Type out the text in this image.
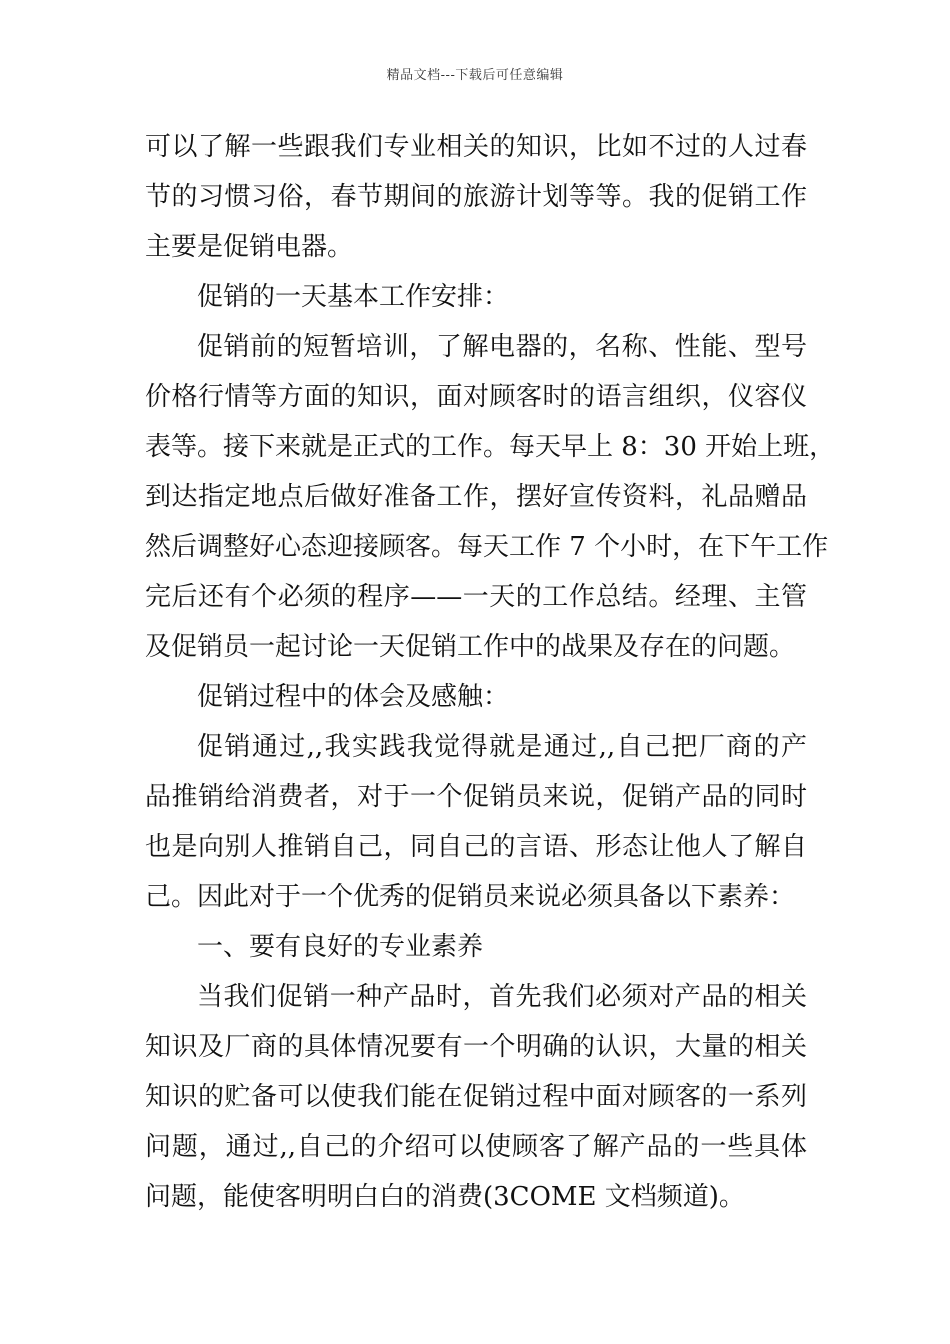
精品文档---下载后可任意编辑
可以了解一些跟我们专业相关的知识，比如不过的人过春
节的习惯习俗，春节期间的旅游计划等等。我的促销工作
主要是促销电器。
促销的一天基本工作安排：
促销前的短暂培训，了解电器的，名称、性能、型号
价格行情等方面的知识，面对顾客时的语言组织，仪容仪
表等。接下来就是正式的工作。每天早上 8：30 开始上班，
到达指定地点后做好准备工作，摆好宣传资料，礼品赠品
然后调整好心态迎接顾客。每天工作 7 个小时，在下午工作
完后还有个必须的程序——一天的工作总结。经理、主管
及促销员一起讨论一天促销工作中的战果及存在的问题。
促销过程中的体会及感触：
促销通过,,我实践我觉得就是通过,,自己把厂商的产
品推销给消费者，对于一个促销员来说，促销产品的同时
也是向别人推销自己，同自己的言语、形态让他人了解自
己。因此对于一个优秀的促销员来说必须具备以下素养：
一、要有良好的专业素养
当我们促销一种产品时，首先我们必须对产品的相关
知识及厂商的具体情况要有一个明确的认识，大量的相关
知识的贮备可以使我们能在促销过程中面对顾客的一系列
问题，通过,,自己的介绍可以使顾客了解产品的一些具体
问题，能使客明明白白的消费(3COME 文档频道)。
